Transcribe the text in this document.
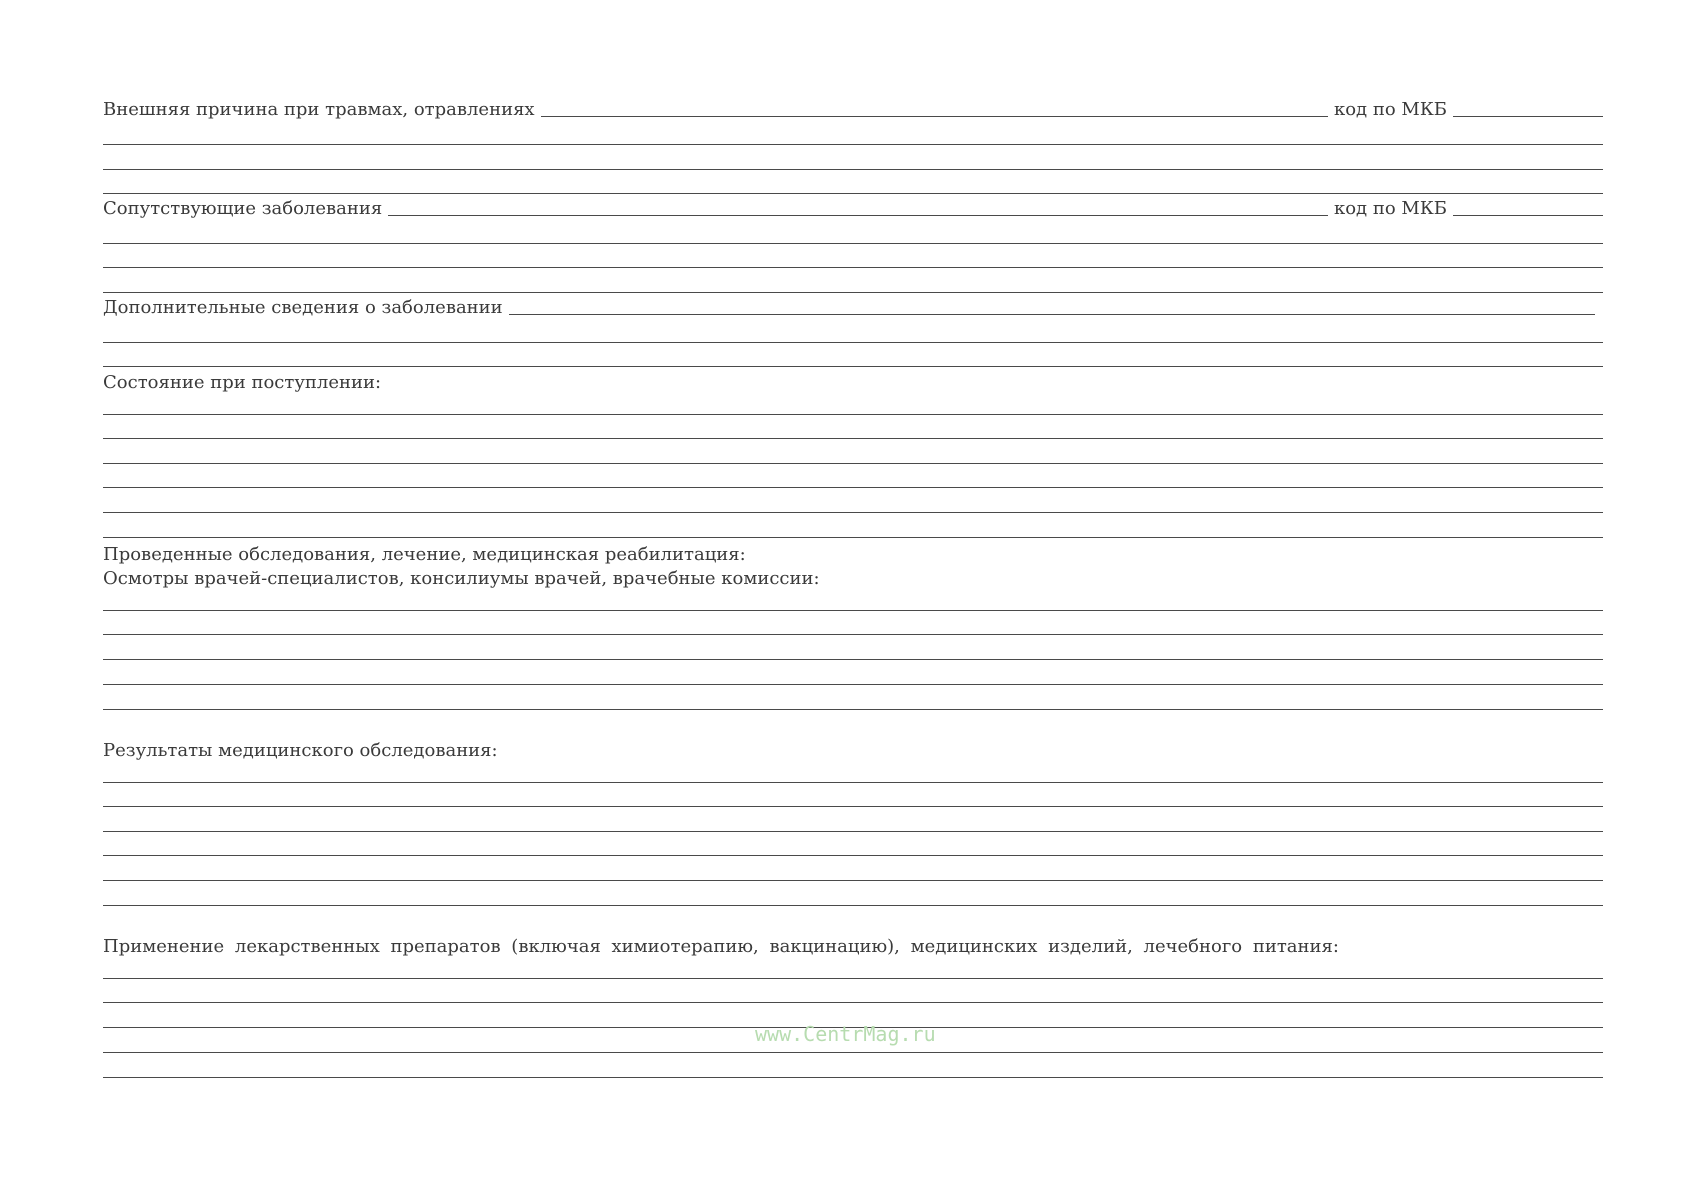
Внешняя причина при травмах, отравлениях	код по МКБ
Сопутствующие заболевания	код по МКБ
Дополнительные сведения о заболевании
Состояние при поступлении:
Проведенные обследования, лечение, медицинская реабилитация:
Осмотры врачей-специалистов, консилиумы врачей, врачебные комиссии:
Результаты медицинского обследования:
Применение лекарственных препаратов (включая химиотерапию, вакцинацию), медицинских изделий, лечебного питания:
www.CentrMag.ru
